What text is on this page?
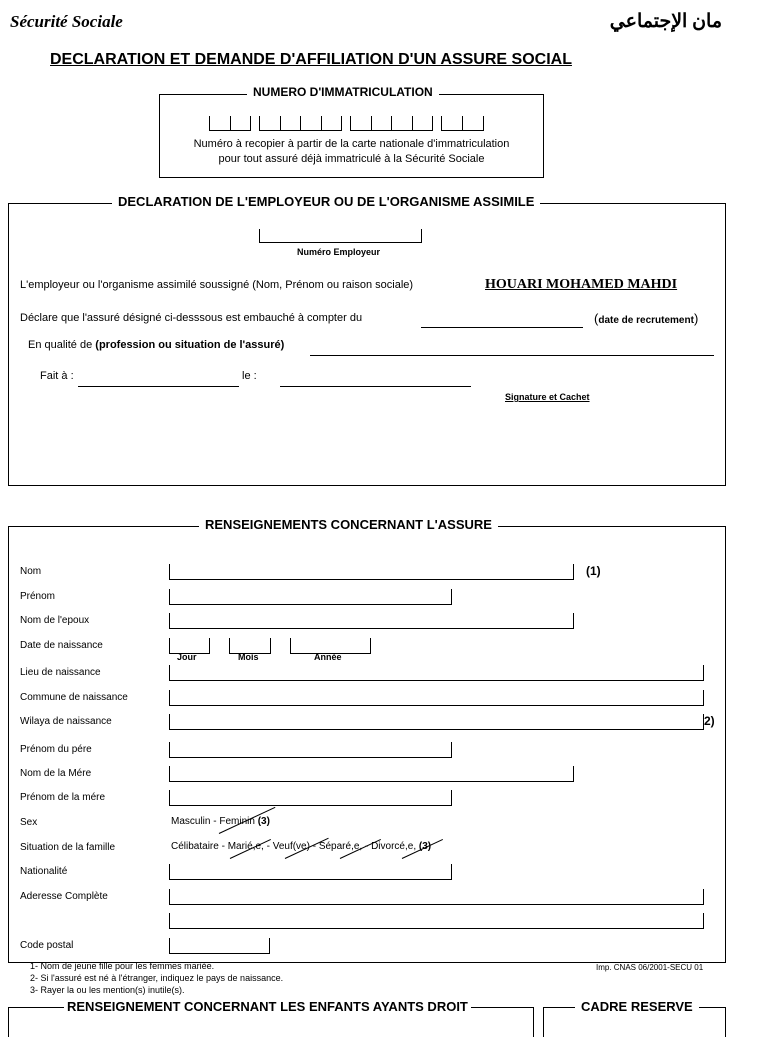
Sécurité Sociale	مان الإجتماعي
DECLARATION ET DEMANDE D'AFFILIATION D'UN ASSURE SOCIAL
NUMERO D'IMMATRICULATION
Numéro à recopier à partir de la carte nationale d'immatriculation
pour tout assuré déjà immatriculé à la Sécurité Sociale
DECLARATION DE L'EMPLOYEUR OU DE L'ORGANISME ASSIMILE
Numéro Employeur
L'employeur ou l'organisme assimilé soussigné (Nom, Prénom ou raison sociale)	HOUARI MOHAMED MAHDI
Déclare que l'assuré désigné ci-desssous est embauché à compter du	(date de recrutement)
En qualité de (profession ou situation de l'assuré)
Fait à :	le :
Signature et Cachet
RENSEIGNEMENTS CONCERNANT L'ASSURE
Nom	(1)
Prénom
Nom de l'epoux
Date de naissance
Jour	Mois	Année
Lieu de naissance
Commune de naissance
Wilaya de naissance	2)
Prénom du pére
Nom de la Mére
Prénom de la mére
Sex	Masculin - Feminin (3)
Situation de la famille	Célibataire - Marié,e, - Veuf(ve) - Séparé,e, - Divorcé,e, (3)
Nationalité
Aderesse Complète
Code postal
1- Nom de jeune fille pour les femmes mariée.
2- Si l'assuré est né à l'étranger, indiquez le pays de naissance.
3- Rayer la ou les mention(s) inutile(s).
Imp. CNAS 06/2001-SECU 01
RENSEIGNEMENT CONCERNANT LES ENFANTS AYANTS DROIT	CADRE RESERVE
